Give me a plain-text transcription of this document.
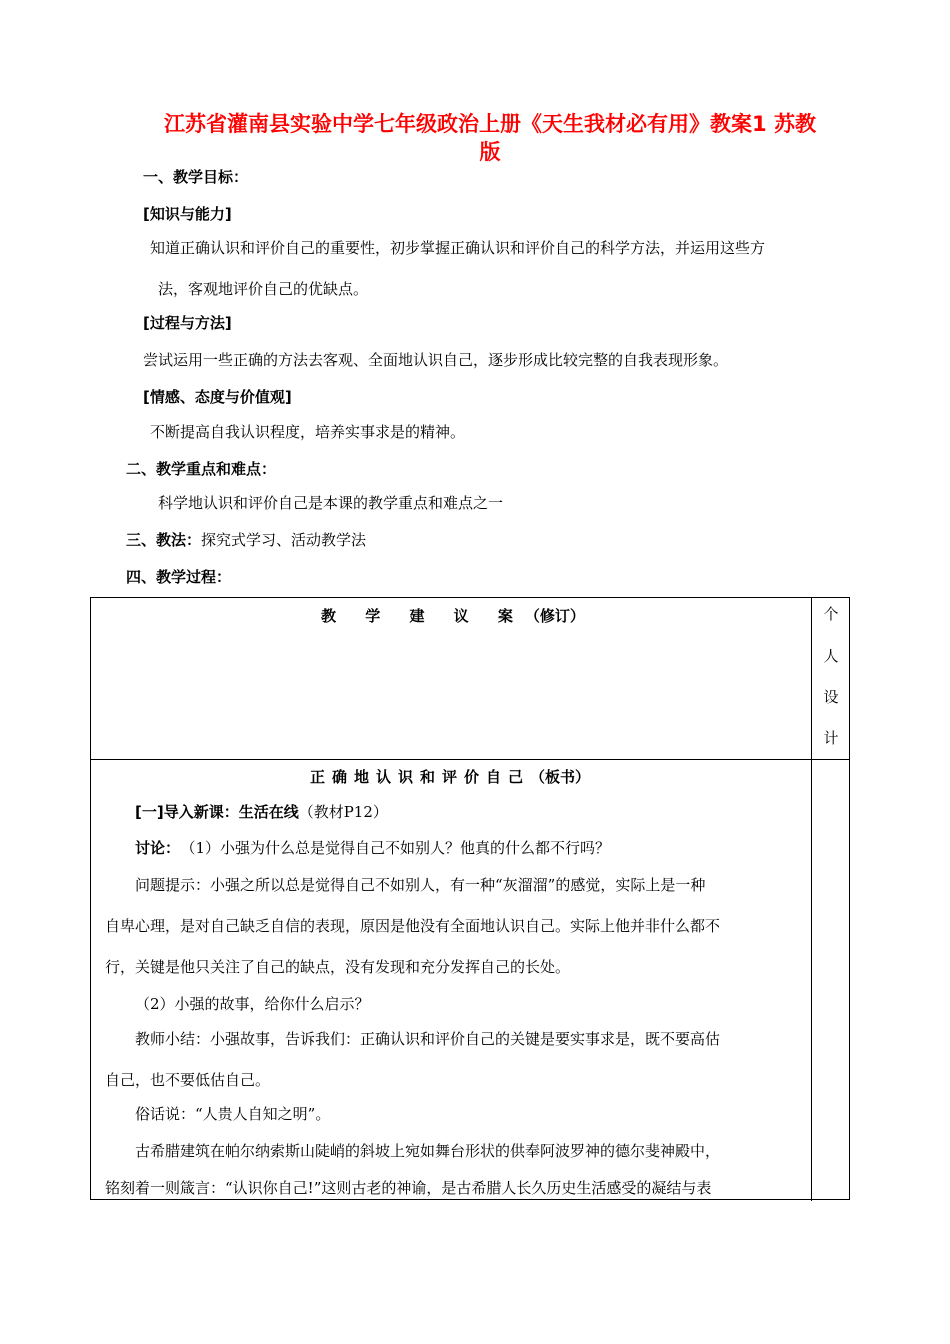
江苏省灌南县实验中学七年级政治上册《天生我材必有用》教案1 苏教
版
一、教学目标：
[知识与能力]
知道正确认识和评价自己的重要性，初步掌握正确认识和评价自己的科学方法，并运用这些方
法，客观地评价自己的优缺点。
[过程与方法]
尝试运用一些正确的方法去客观、全面地认识自己，逐步形成比较完整的自我表现形象。
[情感、态度与价值观]
不断提高自我认识程度，培养实事求是的精神。
二、教学重点和难点：
科学地认识和评价自己是本课的教学重点和难点之一
三、教法：探究式学习、活动教学法
四、教学过程：
教 学 建 议 案（修订）	个
人
设
计
正确地认识和评价自己（板书）
[一]导入新课：生活在线（教材P12）
讨论： （1）小强为什么总是觉得自己不如别人？他真的什么都不行吗？
问题提示：小强之所以总是觉得自己不如别人，有一种“灰溜溜”的感觉，实际上是一种
自卑心理，是对自己缺乏自信的表现，原因是他没有全面地认识自己。实际上他并非什么都不
行，关键是他只关注了自己的缺点，没有发现和充分发挥自己的长处。
（2）小强的故事，给你什么启示？
教师小结：小强故事，告诉我们：正确认识和评价自己的关键是要实事求是，既不要高估
自己，也不要低估自己。
俗话说：“人贵人自知之明”。
古希腊建筑在帕尔纳索斯山陡峭的斜坡上宛如舞台形状的供奉阿波罗神的德尔斐神殿中，
铭刻着一则箴言：“认识你自己!”这则古老的神谕，是古希腊人长久历史生活感受的凝结与表
